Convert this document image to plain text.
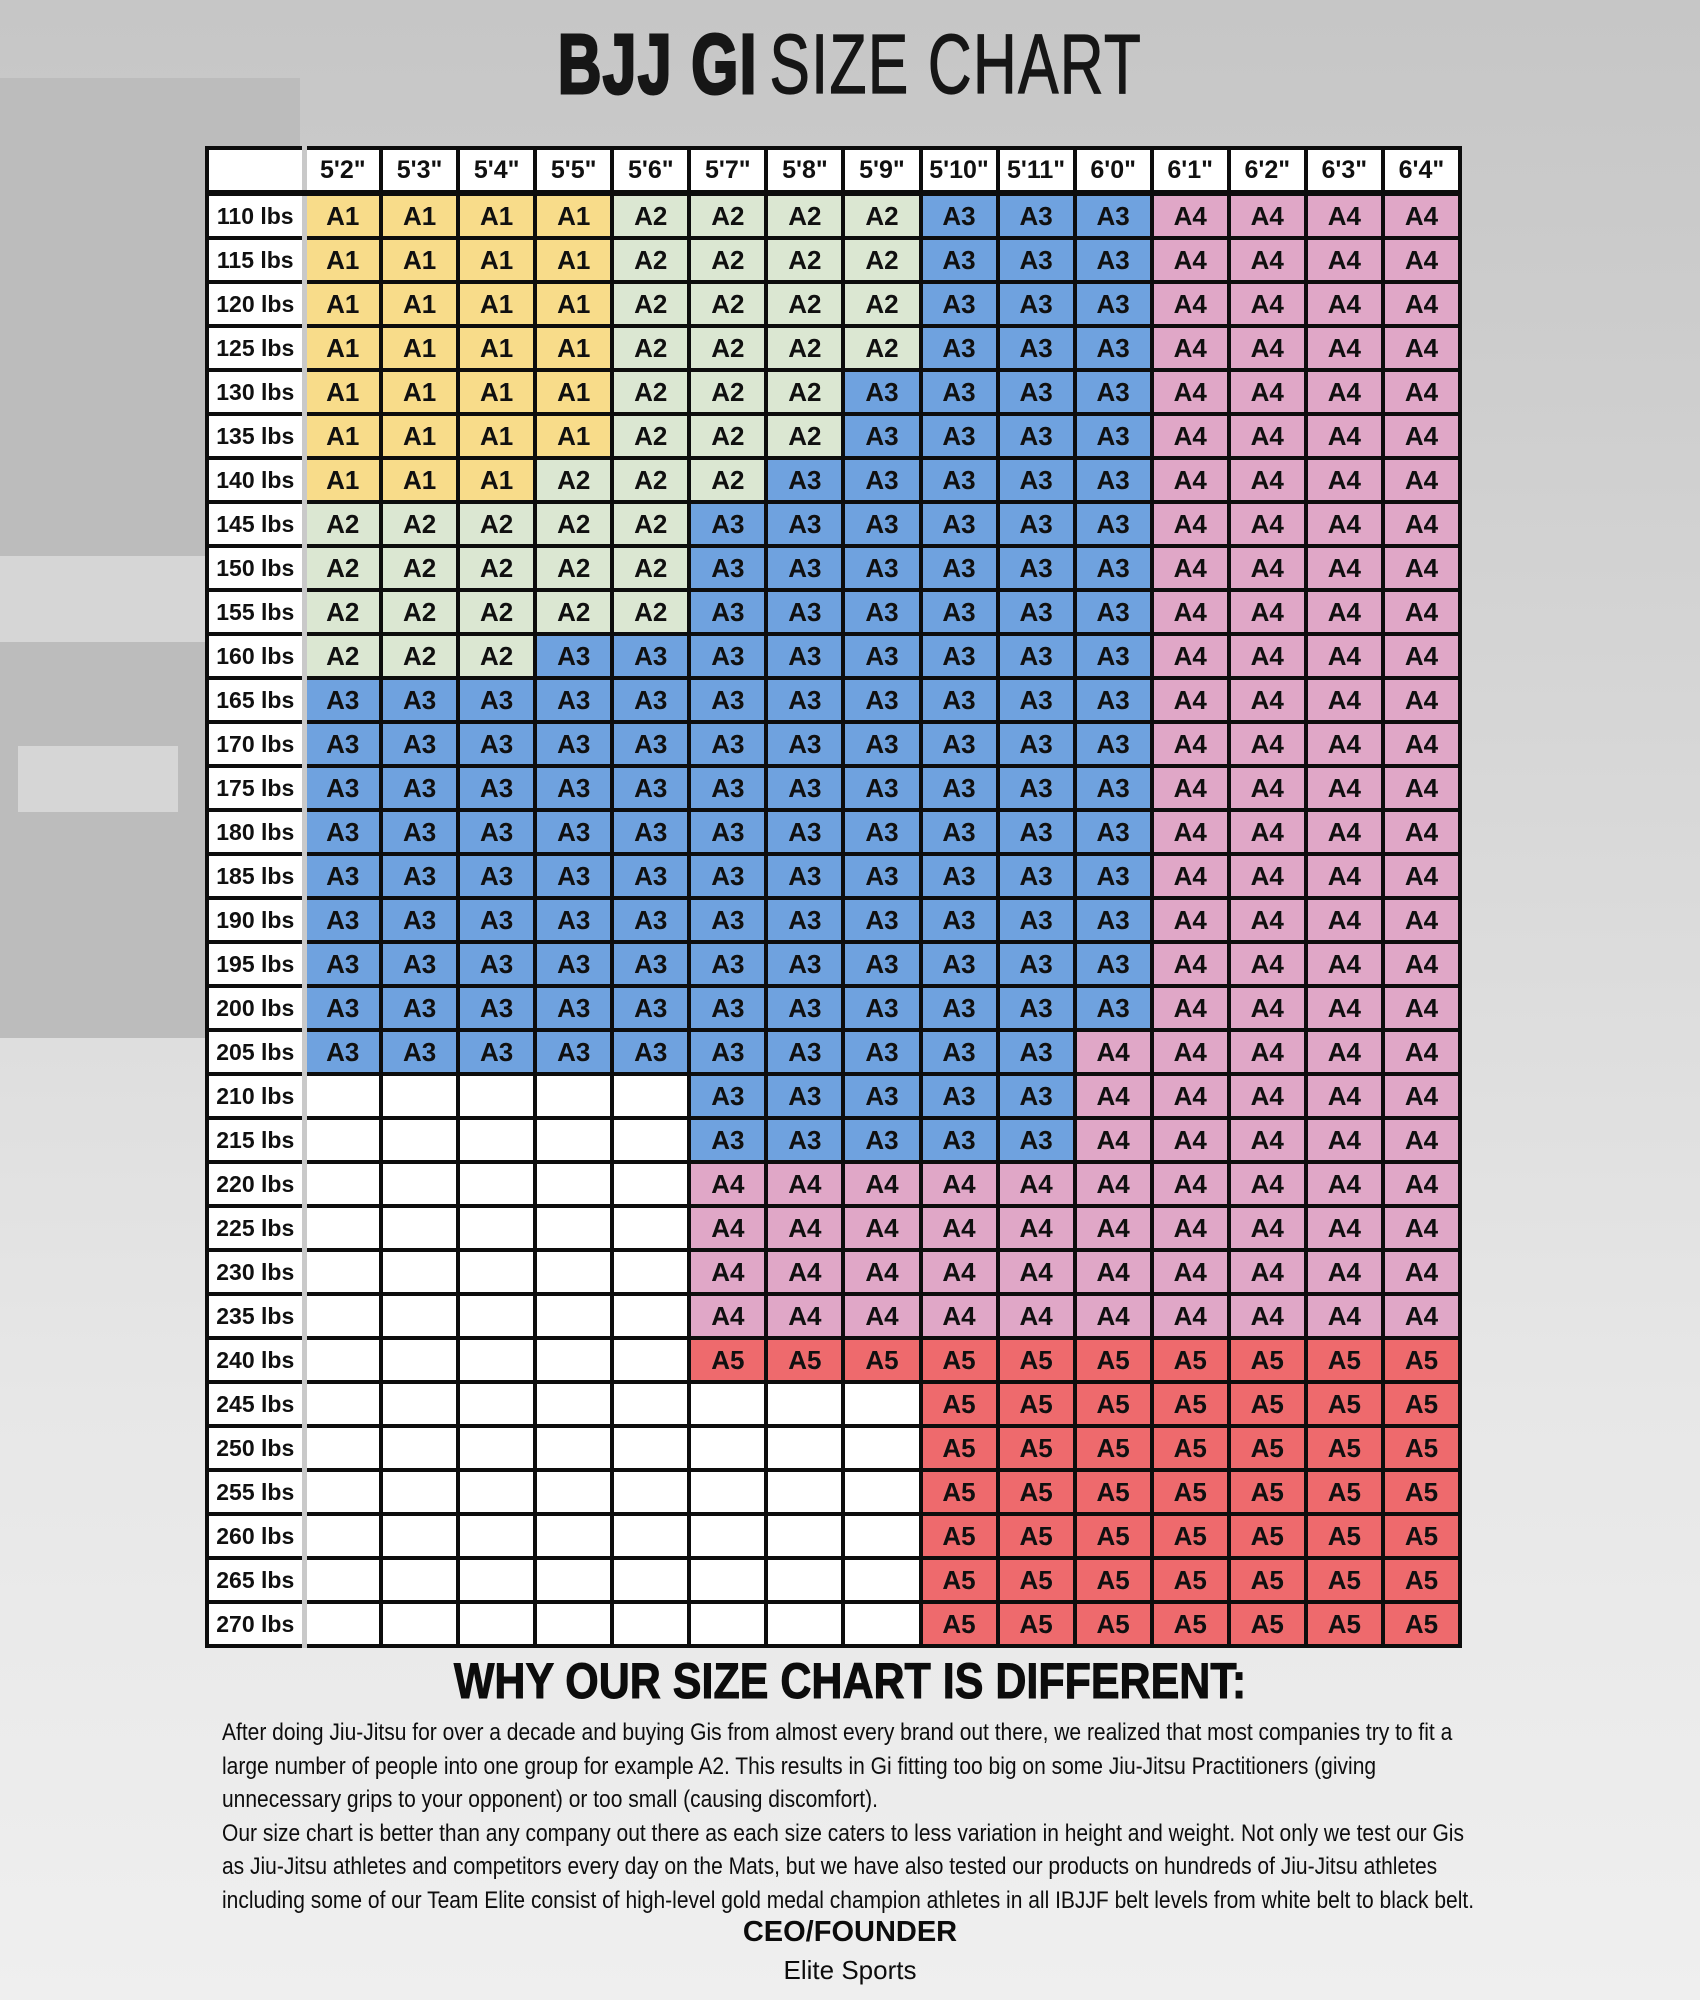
BJJ GI SIZE CHART
	5'2"	5'3"	5'4"	5'5"	5'6"	5'7"	5'8"	5'9"	5'10"	5'11"	6'0"	6'1"	6'2"	6'3"	6'4"
110 lbs	A1	A1	A1	A1	A2	A2	A2	A2	A3	A3	A3	A4	A4	A4	A4
115 lbs	A1	A1	A1	A1	A2	A2	A2	A2	A3	A3	A3	A4	A4	A4	A4
120 lbs	A1	A1	A1	A1	A2	A2	A2	A2	A3	A3	A3	A4	A4	A4	A4
125 lbs	A1	A1	A1	A1	A2	A2	A2	A2	A3	A3	A3	A4	A4	A4	A4
130 lbs	A1	A1	A1	A1	A2	A2	A2	A3	A3	A3	A3	A4	A4	A4	A4
135 lbs	A1	A1	A1	A1	A2	A2	A2	A3	A3	A3	A3	A4	A4	A4	A4
140 lbs	A1	A1	A1	A2	A2	A2	A3	A3	A3	A3	A3	A4	A4	A4	A4
145 lbs	A2	A2	A2	A2	A2	A3	A3	A3	A3	A3	A3	A4	A4	A4	A4
150 lbs	A2	A2	A2	A2	A2	A3	A3	A3	A3	A3	A3	A4	A4	A4	A4
155 lbs	A2	A2	A2	A2	A2	A3	A3	A3	A3	A3	A3	A4	A4	A4	A4
160 lbs	A2	A2	A2	A3	A3	A3	A3	A3	A3	A3	A3	A4	A4	A4	A4
165 lbs	A3	A3	A3	A3	A3	A3	A3	A3	A3	A3	A3	A4	A4	A4	A4
170 lbs	A3	A3	A3	A3	A3	A3	A3	A3	A3	A3	A3	A4	A4	A4	A4
175 lbs	A3	A3	A3	A3	A3	A3	A3	A3	A3	A3	A3	A4	A4	A4	A4
180 lbs	A3	A3	A3	A3	A3	A3	A3	A3	A3	A3	A3	A4	A4	A4	A4
185 lbs	A3	A3	A3	A3	A3	A3	A3	A3	A3	A3	A3	A4	A4	A4	A4
190 lbs	A3	A3	A3	A3	A3	A3	A3	A3	A3	A3	A3	A4	A4	A4	A4
195 lbs	A3	A3	A3	A3	A3	A3	A3	A3	A3	A3	A3	A4	A4	A4	A4
200 lbs	A3	A3	A3	A3	A3	A3	A3	A3	A3	A3	A3	A4	A4	A4	A4
205 lbs	A3	A3	A3	A3	A3	A3	A3	A3	A3	A3	A4	A4	A4	A4	A4
210 lbs						A3	A3	A3	A3	A3	A4	A4	A4	A4	A4
215 lbs						A3	A3	A3	A3	A3	A4	A4	A4	A4	A4
220 lbs						A4	A4	A4	A4	A4	A4	A4	A4	A4	A4
225 lbs						A4	A4	A4	A4	A4	A4	A4	A4	A4	A4
230 lbs						A4	A4	A4	A4	A4	A4	A4	A4	A4	A4
235 lbs						A4	A4	A4	A4	A4	A4	A4	A4	A4	A4
240 lbs						A5	A5	A5	A5	A5	A5	A5	A5	A5	A5
245 lbs									A5	A5	A5	A5	A5	A5	A5
250 lbs									A5	A5	A5	A5	A5	A5	A5
255 lbs									A5	A5	A5	A5	A5	A5	A5
260 lbs									A5	A5	A5	A5	A5	A5	A5
265 lbs									A5	A5	A5	A5	A5	A5	A5
270 lbs									A5	A5	A5	A5	A5	A5	A5
WHY OUR SIZE CHART IS DIFFERENT:

After doing Jiu-Jitsu for over a decade and buying Gis from almost every brand out there, we realized that most companies try to fit a large number of people into one group for example A2. This results in Gi fitting too big on some Jiu-Jitsu Practitioners (giving unnecessary grips to your opponent) or too small (causing discomfort).

Our size chart is better than any company out there as each size caters to less variation in height and weight. Not only we test our Gis as Jiu-Jitsu athletes and competitors every day on the Mats, but we have also tested our products on hundreds of Jiu-Jitsu athletes including some of our Team Elite consist of high-level gold medal champion athletes in all IBJJF belt levels from white belt to black belt.

CEO/FOUNDER
Elite Sports
